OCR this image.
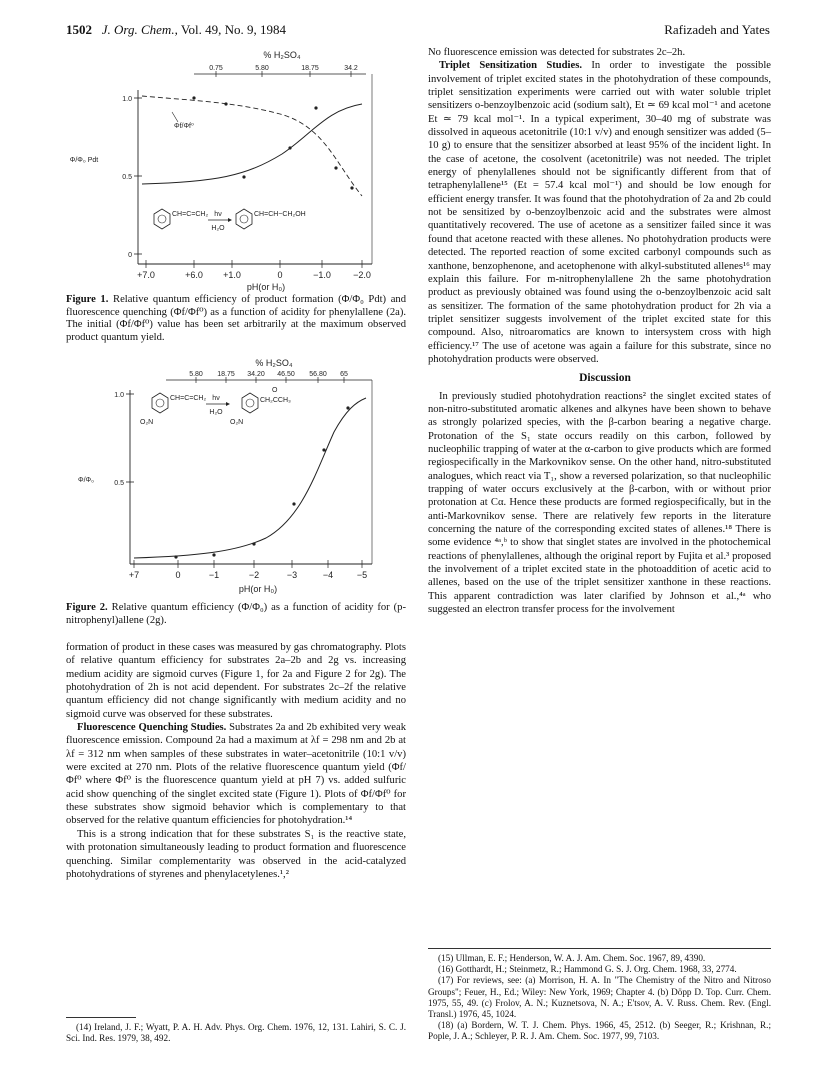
1502 J. Org. Chem., Vol. 49, No. 9, 1984	Rafizadeh and Yates
% H₂SO₄
0.75	5.80	18.75	34.2
1.0
0.5
0
Φ/Φ₀ Pdt
+7.0	+6.0 +1.0	0	−1.0 −2.0
pH(or H₀)
Φf/Φf⁰
CH=C=CH₂ hν
H₂O
CH=CH−CH₂OH
Figure 1. Relative quantum efficiency of product formation (Φ/Φ₀ Pdt) and fluorescence quenching (Φf/Φf⁰) as a function of acidity for phenylallene (2a). The initial (Φf/Φf⁰) value has been set arbitrarily at the maximum observed product quantum yield.
% H₂SO₄
5.80 18.75 34.20 46.50 56.80 65
1.0
0.5
Φ/Φ₀
+7	0	−1	−2	−3	−4	−5
pH(or H₀)
CH=C=CH₂
O₂N
hν
H₂O
O
CH₂CCH₃
O₂N
Figure 2. Relative quantum efficiency (Φ/Φ₀) as a function of acidity for (p-nitrophenyl)allene (2g).

formation of product in these cases was measured by gas chromatography. Plots of relative quantum efficiency for substrates 2a–2b and 2g vs. increasing medium acidity are sigmoid curves (Figure 1, for 2a and Figure 2 for 2g). The photohydration of 2h is not acid dependent. For substrates 2c–2f the relative quantum efficiency did not change significantly with medium acidity and no sigmoid curve was observed for these substrates.

Fluorescence Quenching Studies. Substrates 2a and 2b exhibited very weak fluorescence emission. Compound 2a had a maximum at λf = 298 nm and 2b at λf = 312 nm when samples of these substrates in water–acetonitrile (10:1 v/v) were excited at 270 nm. Plots of the relative fluorescence quantum yield (Φf/Φf⁰ where Φf⁰ is the fluorescence quantum yield at pH 7) vs. added sulfuric acid show quenching of the singlet excited state (Figure 1). Plots of Φf/Φf⁰ for these substrates show sigmoid behavior which is complementary to that observed for the relative quantum efficiencies for photohydration.¹⁴

This is a strong indication that for these substrates S₁ is the reactive state, with protonation simultaneously leading to product formation and fluorescence quenching. Similar complementarity was observed in the acid-catalyzed photohydrations of styrenes and phenylacetylenes.¹,²

(14) Ireland, J. F.; Wyatt, P. A. H. Adv. Phys. Org. Chem. 1976, 12, 131. Lahiri, S. C. J. Sci. Ind. Res. 1979, 38, 492.

No fluorescence emission was detected for substrates 2c–2h.

Triplet Sensitization Studies. In order to investigate the possible involvement of triplet excited states in the photohydration of these compounds, triplet sensitization experiments were carried out with water soluble triplet sensitizers o-benzoylbenzoic acid (sodium salt), Et ≃ 69 kcal mol⁻¹ and acetone Et ≃ 79 kcal mol⁻¹. In a typical experiment, 30–40 mg of substrate was dissolved in aqueous acetonitrile (10:1 v/v) and enough sensitizer was added (5–10 g) to ensure that the sensitizer absorbed at least 95% of the incident light. In the case of acetone, the cosolvent (acetonitrile) was not needed. The triplet energy of phenylallenes should not be significantly different from that of tetraphenylallene¹⁵ (Et = 57.4 kcal mol⁻¹) and should be low enough for efficient energy transfer. It was found that the photohydration of 2a and 2b could not be sensitized by o-benzoylbenzoic acid and the substrates were almost quantitatively recovered. The use of acetone as a sensitizer failed since it was found that acetone reacted with these allenes. No photohydration products were detected. The reported reaction of some excited carbonyl compounds such as xanthone, benzophenone, and acetophenone with alkyl-substituted allenes¹⁶ may explain this failure. For m-nitrophenylallene 2h the same photohydration product as previously obtained was found using the o-benzoylbenzoic acid salt as sensitizer. The formation of the same photohydration product for 2h via a triplet sensitizer suggests involvement of the triplet excited state for this compound. Also, nitroaromatics are known to intersystem cross with high efficiency.¹⁷ The use of acetone was again a failure for this substrate, since no photohydration products were observed.

Discussion

In previously studied photohydration reactions² the singlet excited states of non-nitro-substituted aromatic alkenes and alkynes have been shown to behave as strongly polarized species, with the β-carbon bearing a negative charge. Protonation of the S₁ state occurs readily on this carbon, followed by nucleophilic trapping of water at the α-carbon to give products which are formed regiospecifically in the Markovnikov sense. On the other hand, nitro-substituted analogues, which react via T₁, show a reversed polarization, so that nucleophilic trapping of water occurs exclusively at the β-carbon, with or without prior protonation at Cα. Hence these products are formed regiospecifically, but in the anti-Markovnikov sense. There are relatively few reports in the literature concerning the nature of the corresponding excited states of allenes.¹⁸ There is some evidence ⁴ᵃ,ᵇ to show that singlet states are involved in the photochemical reactions of phenylallenes, although the original report by Fujita et al.³ proposed the involvement of a triplet excited state in the photoaddition of acetic acid to allenes, based on the use of the triplet sensitizer xanthone in these reactions. This apparent contradiction was later clarified by Johnson et al.,⁴ᵃ who suggested an electron transfer process for the involvement

(15) Ullman, E. F.; Henderson, W. A. J. Am. Chem. Soc. 1967, 89, 4390.

(16) Gotthardt, H.; Steinmetz, R.; Hammond G. S. J. Org. Chem. 1968, 33, 2774.

(17) For reviews, see: (a) Morrison, H. A. In "The Chemistry of the Nitro and Nitroso Groups"; Feuer, H., Ed.; Wiley: New York, 1969; Chapter 4. (b) Döpp D. Top. Curr. Chem. 1975, 55, 49. (c) Frolov, A. N.; Kuznetsova, N. A.; E'tsov, A. V. Russ. Chem. Rev. (Engl. Transl.) 1976, 45, 1024.

(18) (a) Bordern, W. T. J. Chem. Phys. 1966, 45, 2512. (b) Seeger, R.; Krishnan, R.; Pople, J. A.; Schleyer, P. R. J. Am. Chem. Soc. 1977, 99, 7103.
